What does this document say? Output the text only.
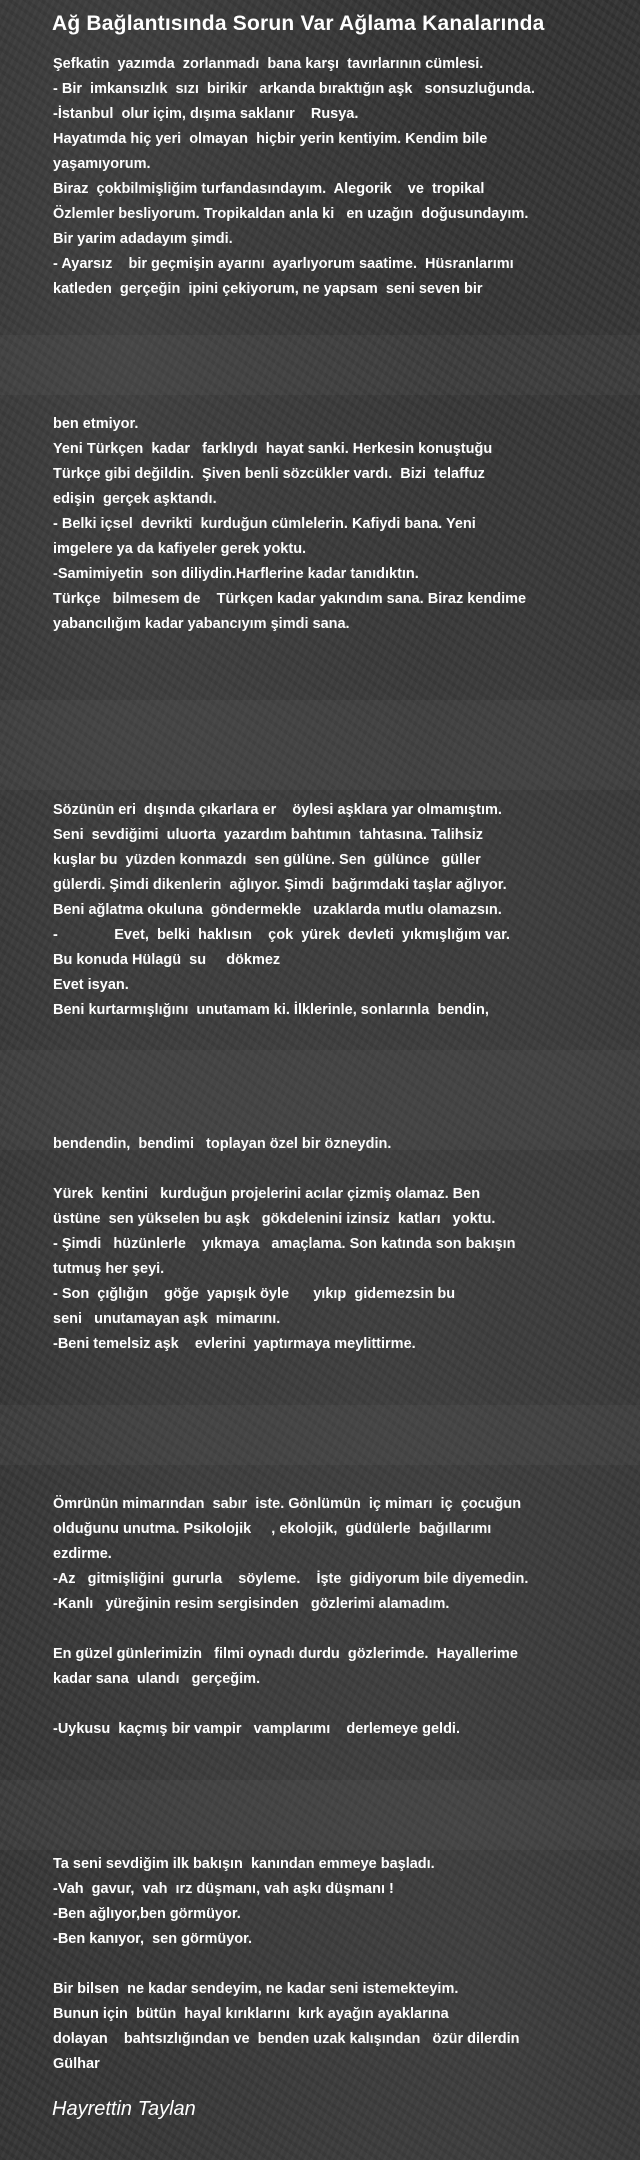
Ağ Bağlantısında Sorun Var Ağlama Kanalarında
Şefkatin  yazımda  zorlanmadı  bana karşı  tavırlarının cümlesi.
- Bir  imkansızlık  sızı  birikir   arkanda bıraktığın aşk   sonsuzluğunda.
-İstanbul  olur içim, dışıma saklanır    Rusya.
Hayatımda hiç yeri  olmayan  hiçbir yerin kentiyim. Kendim bile
yaşamıyorum.
Biraz  çokbilmişliğim turfandasındayım.  Alegorik    ve  tropikal
Özlemler besliyorum. Tropikaldan anla ki   en uzağın  doğusundayım.
Bir yarim adadayım şimdi.
- Ayarsız    bir geçmişin ayarını  ayarlıyorum saatime.  Hüsranlarımı
katleden  gerçeğin  ipini çekiyorum, ne yapsam  seni seven bir
ben etmiyor.
Yeni Türkçen  kadar   farklıydı  hayat sanki. Herkesin konuştuğu
Türkçe gibi değildin.  Şiven benli sözcükler vardı.  Bizi  telaffuz
edişin  gerçek aşktandı.
- Belki içsel  devrikti  kurduğun cümlelerin. Kafiydi bana. Yeni
imgelere ya da kafiyeler gerek yoktu.
-Samimiyetin  son diliydin.Harflerine kadar tanıdıktın.
Türkçe   bilmesem de    Türkçen kadar yakındım sana. Biraz kendime
yabancılığım kadar yabancıyım şimdi sana.
Sözünün eri  dışında çıkarlara er    öylesi aşklara yar olmamıştım.
Seni  sevdiğimi  uluorta  yazardım bahtımın  tahtasına. Talihsiz
kuşlar bu  yüzden konmazdı  sen gülüne. Sen  gülünce   güller
gülerdi. Şimdi dikenlerin  ağlıyor. Şimdi  bağrımdaki taşlar ağlıyor.
Beni ağlatma okuluna  göndermekle   uzaklarda mutlu olamazsın.
-              Evet,  belki  haklısın    çok  yürek  devleti  yıkmışlığım var.
Bu konuda Hülagü  su     dökmez
Evet isyan.
Beni kurtarmışlığını  unutamam ki. İlklerinle, sonlarınla  bendin,
bendendin,  bendimi   toplayan özel bir özneydin.
Yürek  kentini   kurduğun projelerini acılar çizmiş olamaz. Ben
üstüne  sen yükselen bu aşk   gökdelenini izinsiz  katları   yoktu.
- Şimdi   hüzünlerle    yıkmaya   amaçlama. Son katında son bakışın
tutmuş her şeyi.
- Son  çığlığın    göğe  yapışık öyle      yıkıp  gidemezsin bu
seni   unutamayan aşk  mimarını.
-Beni temelsiz aşk    evlerini  yaptırmaya meylittirme.
Ömrünün mimarından  sabır  iste. Gönlümün  iç mimarı  iç  çocuğun
olduğunu unutma. Psikolojik     , ekolojik,  güdülerle  bağıllarımı
ezdirme.
-Az   gitmişliğini  gururla    söyleme.    İşte  gidiyorum bile diyemedin.
-Kanlı   yüreğinin resim sergisinden   gözlerimi alamadım.
En güzel günlerimizin   filmi oynadı durdu  gözlerimde.  Hayallerime
kadar sana  ulandı   gerçeğim.
-Uykusu  kaçmış bir vampir   vamplarımı    derlemeye geldi.
Ta seni sevdiğim ilk bakışın  kanından emmeye başladı.
-Vah  gavur,  vah  ırz düşmanı, vah aşkı düşmanı !
-Ben ağlıyor,ben görmüyor.
-Ben kanıyor,  sen görmüyor.
Bir bilsen  ne kadar sendeyim, ne kadar seni istemekteyim.
Bunun için  bütün  hayal kırıklarını  kırk ayağın ayaklarına
dolayan    bahtsızlığından ve  benden uzak kalışından   özür dilerdin
Gülhar

Hayrettin Taylan
